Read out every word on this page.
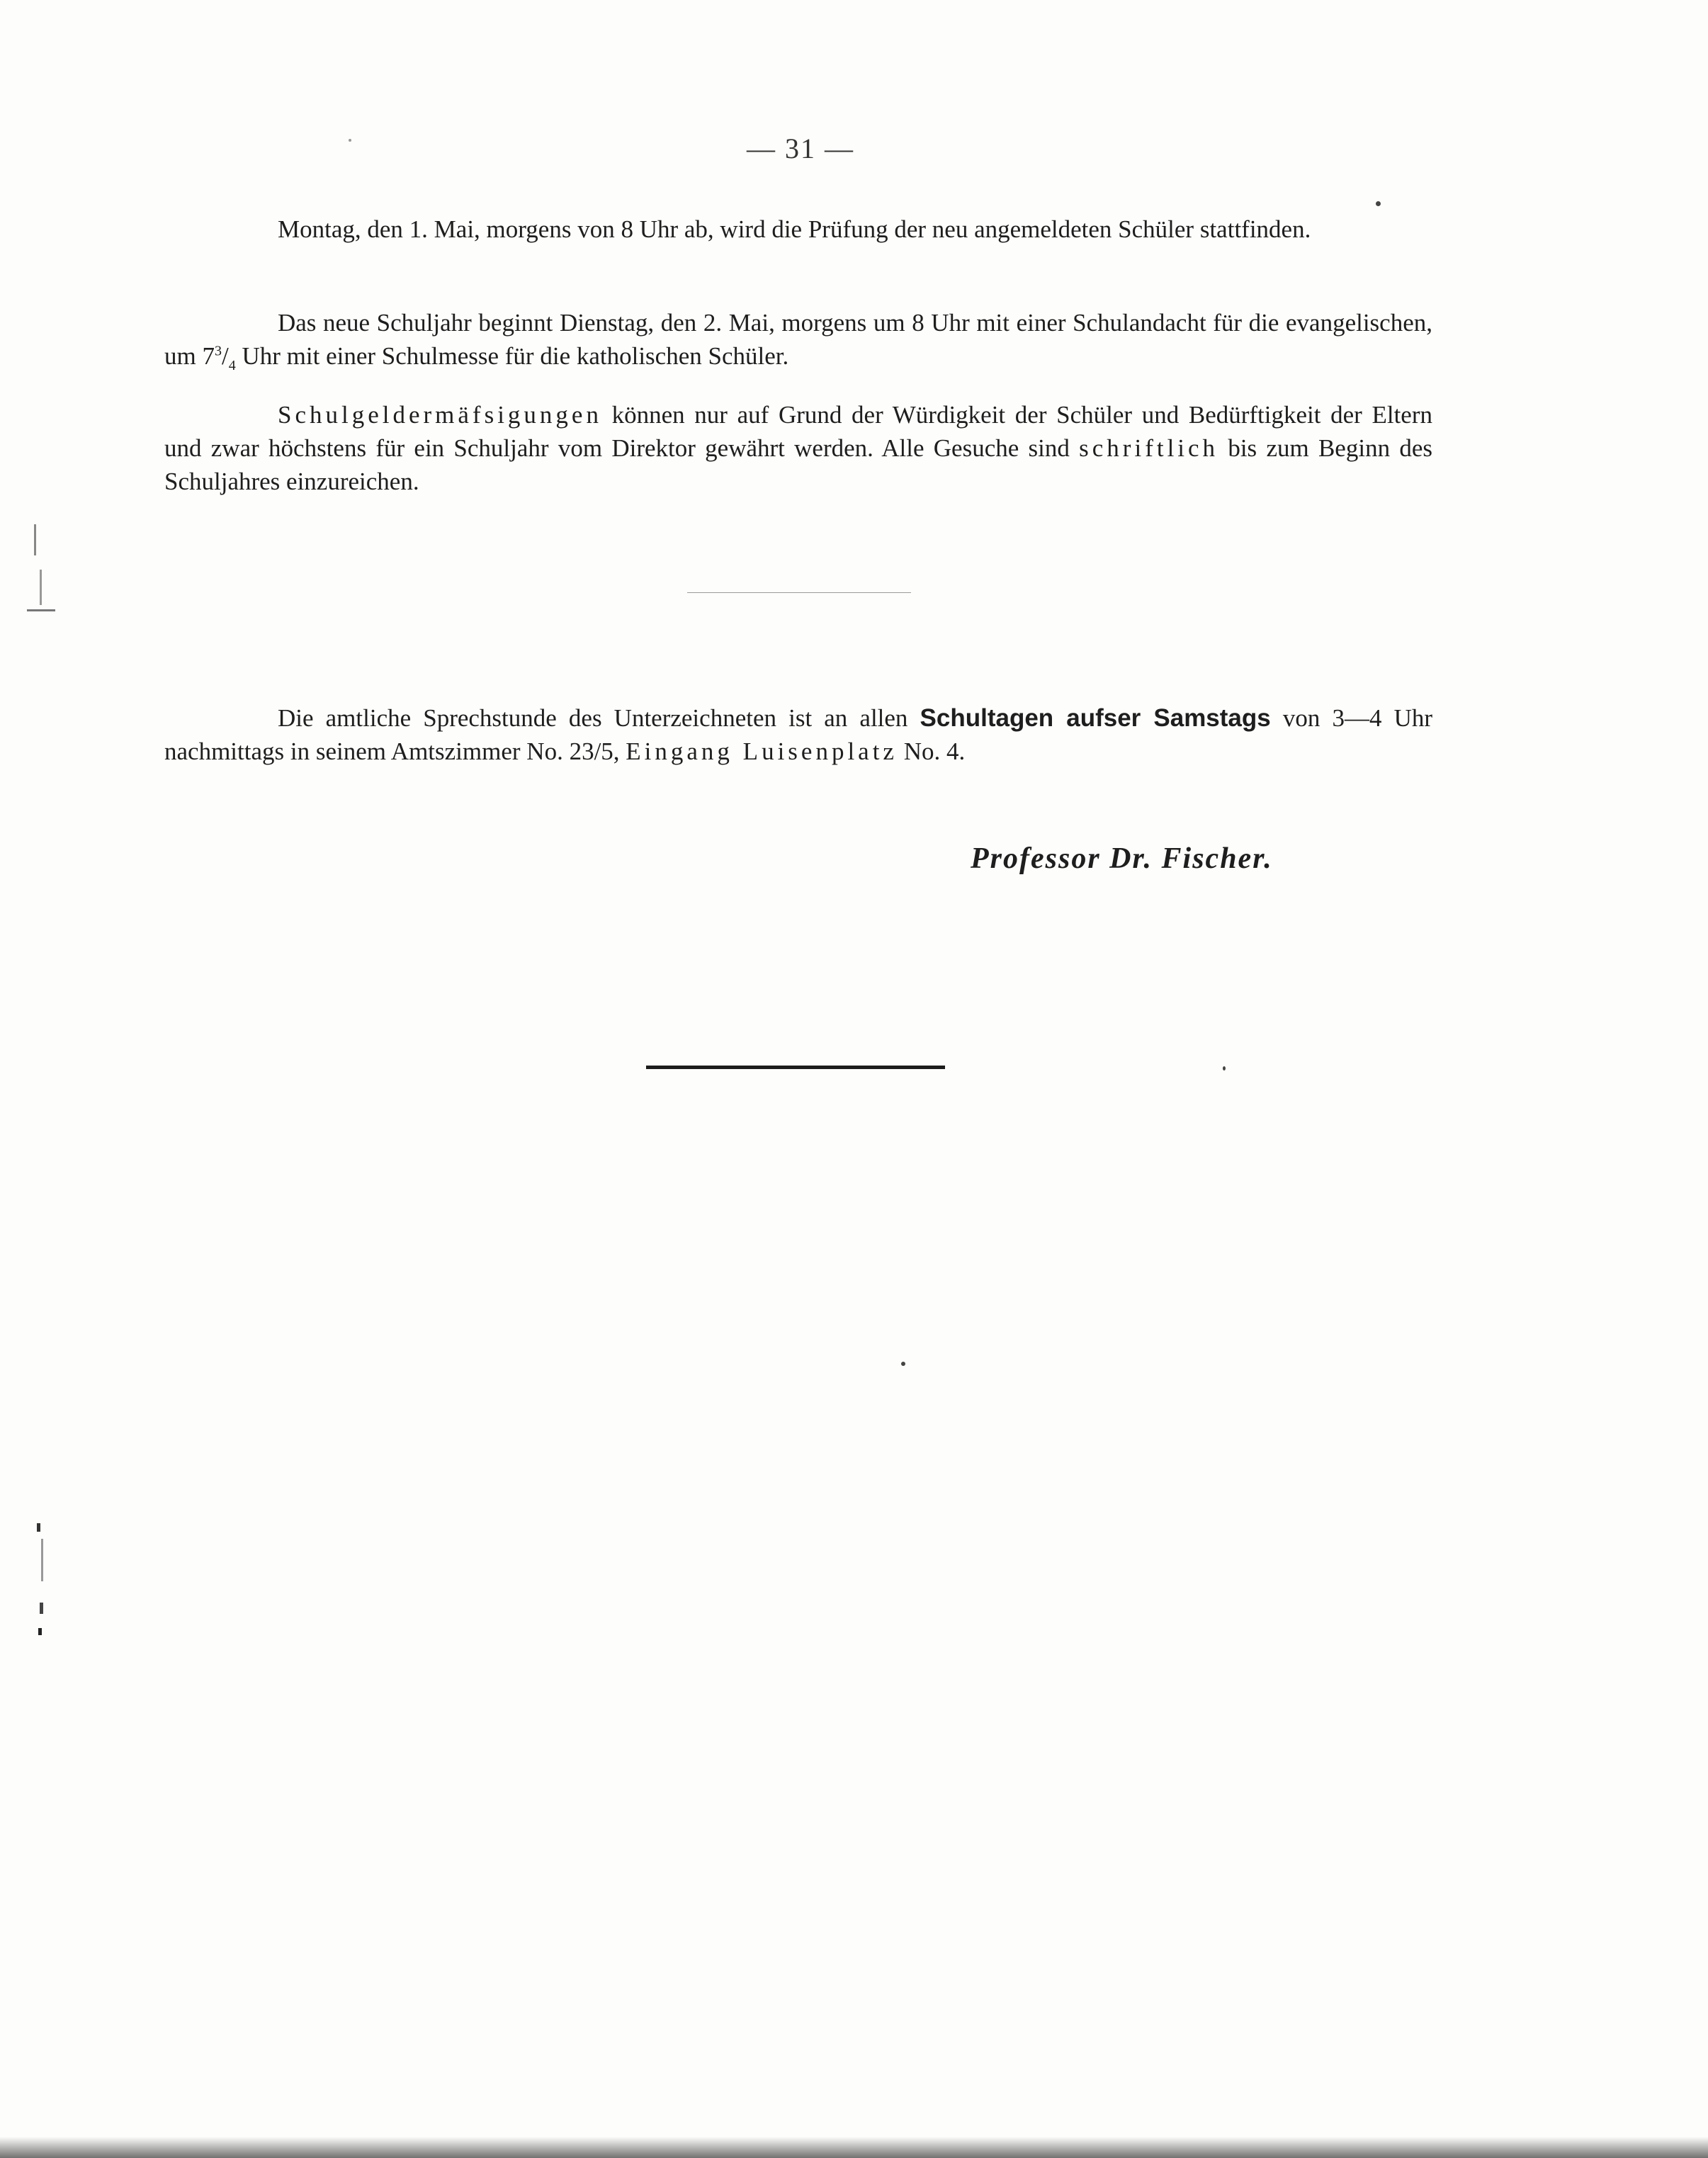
— 31 —

Montag, den 1. Mai, morgens von 8 Uhr ab, wird die Prüfung der neu angemeldeten Schüler stattfinden.

Das neue Schuljahr beginnt Dienstag, den 2. Mai, morgens um 8 Uhr mit einer Schulandacht für die evangelischen, um $7^3/_4$ Uhr mit einer Schulmesse für die katholischen Schüler.

Schulgeldermäfsigungen können nur auf Grund der Würdigkeit der Schüler und Bedürftigkeit der Eltern und zwar höchstens für ein Schuljahr vom Direktor gewährt werden. Alle Gesuche sind schriftlich bis zum Beginn des Schuljahres einzureichen.

Die amtliche Sprechstunde des Unterzeichneten ist an allen Schultagen aufser Samstags von 3—4 Uhr nachmittags in seinem Amtszimmer No. 23/5, Eingang Luisenplatz No. 4.

Professor Dr. Fischer.
